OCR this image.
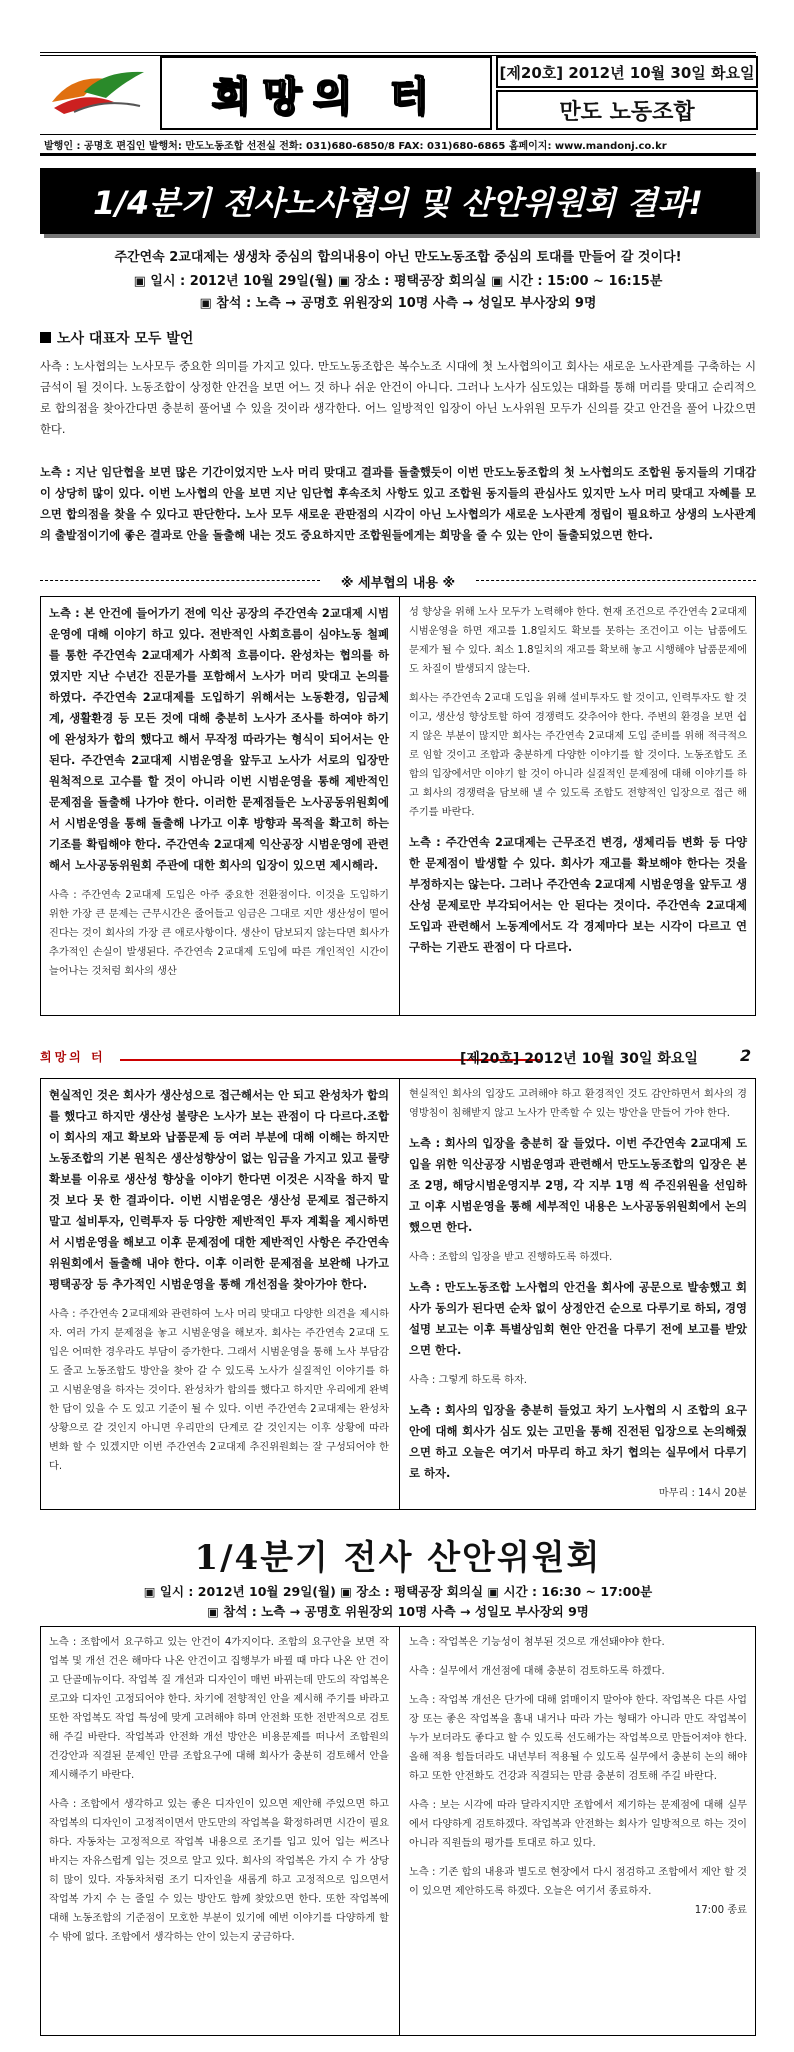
희망의 터
[제20호] 2012년 10월 30일 화요일
만도 노동조합
발행인 : 공명호 편집인 발행처: 만도노동조합 선전실 전화: 031)680-6850/8 FAX: 031)680-6865 홈페이지: www.mandonj.co.kr
1/4분기 전사노사협의 및 산안위원회 결과!
주간연속 2교대제는 생생차 중심의 합의내용이 아닌 만도노동조합 중심의 토대를 만들어 갈 것이다!
▣ 일시 : 2012년 10월 29일(월) ▣ 장소 : 평택공장 회의실 ▣ 시간 : 15:00 ~ 16:15분
▣ 참석 : 노측 → 공명호 위원장외 10명 사측 → 성일모 부사장외 9명
노사 대표자 모두 발언
사측 : 노사협의는 노사모두 중요한 의미를 가지고 있다. 만도노동조합은 복수노조 시대에 첫 노사협의이고 회사는 새로운 노사관계를 구축하는 시금석이 될 것이다. 노동조합이 상정한 안건을 보면 어느 것 하나 쉬운 안건이 아니다. 그러나 노사가 심도있는 대화를 통해 머리를 맞대고 순리적으로 합의점을 찾아간다면 충분히 풀어낼 수 있을 것이라 생각한다. 어느 일방적인 입장이 아닌 노사위원 모두가 신의를 갖고 안건을 풀어 나갔으면 한다.
노측 : 지난 임단협을 보면 많은 기간이었지만 노사 머리 맞대고 결과를 돌출했듯이 이번 만도노동조합의 첫 노사협의도 조합원 동지들의 기대감이 상당히 많이 있다. 이번 노사협의 안을 보면 지난 임단협 후속조치 사항도 있고 조합원 동지들의 관심사도 있지만 노사 머리 맞대고 자혜를 모으면 합의점을 찾을 수 있다고 판단한다. 노사 모두 새로운 관판점의 시각이 아닌 노사협의가 새로운 노사관계 정립이 필요하고 상생의 노사관계의 출발점이기에 좋은 결과로 안을 돌출해 내는 것도 중요하지만 조합원들에게는 희망을 줄 수 있는 안이 돌출되었으면 한다.
※ 세부협의 내용 ※
노측 : 본 안건에 들어가기 전에 익산 공장의 주간연속 2교대제 시범운영에 대해 이야기 하고 있다. 전반적인 사회흐름이 심야노동 철폐를 통한 주간연속 2교대제가 사회적 흐름이다. 완성차는 협의를 하였지만 지난 수년간 진문가를 포함해서 노사가 머리 맞대고 논의를 하였다. 주간연속 2교대제를 도입하기 위해서는 노동환경, 임금체계, 생활환경 등 모든 것에 대해 충분히 노사가 조사를 하여야 하기에 완성차가 합의 했다고 해서 무작정 따라가는 형식이 되어서는 안 된다. 주간연속 2교대제 시범운영을 앞두고 노사가 서로의 입장만 원척적으로 고수를 할 것이 아니라 이번 시범운영을 통해 제반적인 문제점을 돌출해 나가야 한다. 이러한 문제점들은 노사공동위원회에서 시범운영을 통해 돌출해 나가고 이후 방향과 목적을 확고히 하는 기조를 확립해야 한다. 주간연속 2교대제 익산공장 시범운영에 관련해서 노사공동위원회 주관에 대한 회사의 입장이 있으면 제시해라.
사측 : 주간연속 2교대제 도입은 아주 중요한 전환점이다. 이것을 도입하기 위한 가장 큰 문제는 근무시간은 줄어들고 임금은 그대로 지만 생산성이 떨어진다는 것이 회사의 가장 큰 애로사항이다. 생산이 담보되지 않는다면 회사가 추가적인 손실이 발생된다. 주간연속 2교대제 도입에 따른 개인적인 시간이 늘어나는 것처럼 회사의 생산
성 향상을 위해 노사 모두가 노력해야 한다. 현재 조건으로 주간연속 2교대제 시범운영을 하면 재고를 1.8일치도 확보를 못하는 조건이고 이는 납품에도 문제가 될 수 있다. 최소 1.8일치의 재고를 확보해 놓고 시행해야 납품문제에도 차질이 발생되지 않는다.
회사는 주간연속 2교대 도입을 위해 설비투자도 할 것이고, 인력투자도 할 것이고, 생산성 향상토할 하여 경쟁력도 갖추어야 한다. 주변의 환경을 보면 쉽지 않은 부분이 많지만 회사는 주간연속 2교대제 도입 준비를 위해 적극적으로 임할 것이고 조합과 충분하게 다양한 이야기를 할 것이다. 노동조합도 조합의 입장에서만 이야기 할 것이 아니라 실질적인 문제점에 대해 이야기를 하고 회사의 경쟁력을 담보해 낼 수 있도록 조합도 전향적인 입장으로 접근 해주기를 바란다.
노측 : 주간연속 2교대제는 근무조건 변경, 생체리듬 변화 등 다양한 문제점이 발생할 수 있다. 회사가 재고를 확보해야 한다는 것을 부정하지는 않는다. 그러나 주간연속 2교대제 시범운영을 앞두고 생산성 문제로만 부각되어서는 안 된다는 것이다. 주간연속 2교대제 도입과 관련해서 노동계에서도 각 경제마다 보는 시각이 다르고 연구하는 기관도 관점이 다 다르다.
희망의 터	[제20호] 2012년 10월 30일 화요일	2
현실적인 것은 회사가 생산성으로 접근해서는 안 되고 완성차가 합의를 했다고 하지만 생산성 불량은 노사가 보는 관점이 다 다르다.조합이 회사의 재고 확보와 납품문제 등 여러 부분에 대해 이해는 하지만 노동조합의 기본 원칙은 생산성향상이 없는 임금을 가지고 있고 물량 확보를 이유로 생산성 향상을 이야기 한다면 이것은 시작을 하지 말 것 보다 못 한 결과이다. 이번 시범운영은 생산성 문제로 접근하지 말고 설비투자, 인력투자 등 다양한 제반적인 투자 계획을 제시하면서 시범운영을 해보고 이후 문제점에 대한 제반적인 사항은 주간연속위원회에서 돌출해 내야 한다. 이후 이러한 문제점을 보완해 나가고 평택공장 등 추가적인 시범운영을 통해 개선점을 찾아가야 한다.
사측 : 주간연속 2교대제와 관련하여 노사 머리 맞대고 다양한 의견을 제시하자. 여러 가지 문제점을 놓고 시범운영을 해보자. 회사는 주간연속 2교대 도입은 어떠한 경우라도 부담이 증가한다. 그래서 시범운영을 통해 노사 부담감도 줄고 노동조합도 방안을 찾아 갈 수 있도록 노사가 실질적인 이야기를 하고 시범운영을 하자는 것이다. 완성차가 합의를 했다고 하지만 우리에게 완벽한 답이 있을 수 도 있고 기준이 될 수 있다. 이번 주간연속 2교대제는 완성차 상황으로 갈 것인지 아니면 우리만의 단계로 갈 것인지는 이후 상황에 따라 변화 할 수 있겠지만 이번 주간연속 2교대제 추진위원회는 잘 구성되어야 한다.
현실적인 회사의 입장도 고려해야 하고 환경적인 것도 감안하면서 회사의 경영방침이 침해받지 않고 노사가 만족할 수 있는 방안을 만들어 가야 한다.
노측 : 회사의 입장을 충분히 잘 들었다. 이번 주간연속 2교대제 도입을 위한 익산공장 시범운영과 관련해서 만도노동조합의 입장은 본조 2명, 해당시범운영지부 2명, 각 지부 1명 씩 주진위원을 선임하고 이후 시범운영을 통해 세부적인 내용은 노사공동위원회에서 논의했으면 한다.
사측 : 조합의 입장을 받고 진행하도록 하겠다.
노측 : 만도노동조합 노사협의 안건을 회사에 공문으로 발송했고 회사가 동의가 된다면 순차 없이 상정안건 순으로 다루기로 하되, 경영설명 보고는 이후 특별상임회 현안 안건을 다루기 전에 보고를 받았으면 한다.
사측 : 그렇게 하도록 하자.
노측 : 회사의 입장을 충분히 들었고 차기 노사협의 시 조합의 요구안에 대해 회사가 심도 있는 고민을 통해 진전된 입장으로 논의해줬으면 하고 오늘은 여기서 마무리 하고 차기 협의는 실무에서 다루기로 하자.
마무리 : 14시 20분
1/4분기 전사 산안위원회
▣ 일시 : 2012년 10월 29일(월) ▣ 장소 : 평택공장 회의실 ▣ 시간 : 16:30 ~ 17:00분
▣ 참석 : 노측 → 공명호 위원장외 10명 사측 → 성일모 부사장외 9명
노측 : 조합에서 요구하고 있는 안건이 4가지이다. 조합의 요구안을 보면 작업복 및 개선 건은 해마다 나온 안건이고 집행부가 바뀔 때 마다 나온 안 건이고 단골메뉴이다. 작업복 질 개선과 디자인이 매번 바뀌는데 만도의 작업복은 로고와 디자인 고정되어야 한다. 차기에 전향적인 안을 제시해 주기를 바라고 또한 작업복도 작업 특성에 맞게 고려해야 하며 안전화 또한 전반적으로 검토해 주길 바란다. 작업복과 안전화 개선 방안은 비용문제를 떠나서 조합원의 건강안과 직결된 문제인 만큼 조합요구에 대해 회사가 충분히 검토해서 안을 제시해주기 바란다.
사측 : 조합에서 생각하고 있는 좋은 디자인이 있으면 제안해 주었으면 하고 작업복의 디자인이 고정적이면서 만도만의 작업복을 확정하려면 시간이 필요하다. 자동차는 고정적으로 작업복 내용으로 조기를 입고 있어 입는 써즈나 바지는 자유스럽게 입는 것으로 알고 있다. 회사의 작업복은 가지 수 가 상당히 많이 있다. 자동차처럼 조기 디자인을 새롭게 하고 고정적으로 입으면서 작업복 가지 수 는 줄일 수 있는 방안도 함께 찾았으면 한다. 또한 작업복에 대해 노동조합의 기준점이 모호한 부분이 있기에 예번 이야기를 다양하게 할 수 밖에 없다. 조합에서 생각하는 안이 있는지 궁금하다.
노측 : 작업복은 기능성이 첨부된 것으로 개선돼야야 한다.
사측 : 실무에서 개선점에 대해 충분히 검토하도록 하겠다.
노측 : 작업복 개선은 단가에 대해 얽매이지 말아야 한다. 작업복은 다른 사업장 또는 좋은 작업복을 훔내 내거나 따라 가는 형태가 아니라 만도 작업복이 누가 보더라도 좋다고 할 수 있도록 선도해가는 작업복으로 만들어져야 한다. 올해 적용 힘들더라도 내년부터 적용될 수 있도록 실무에서 충분히 논의 해야 하고 또한 안전화도 건강과 직결되는 만큼 충분히 검토해 주길 바란다.
사측 : 보는 시각에 따라 달라지지만 조합에서 제기하는 문제점에 대해 실무에서 다양하게 검토하겠다. 작업복과 안전화는 회사가 일방적으로 하는 것이 아니라 직원들의 평가를 토대로 하고 있다.
노측 : 기존 합의 내용과 별도로 현장에서 다시 점검하고 조합에서 제안 할 것이 있으면 제안하도록 하겠다. 오늘은 여기서 종료하자.
17:00 종료
